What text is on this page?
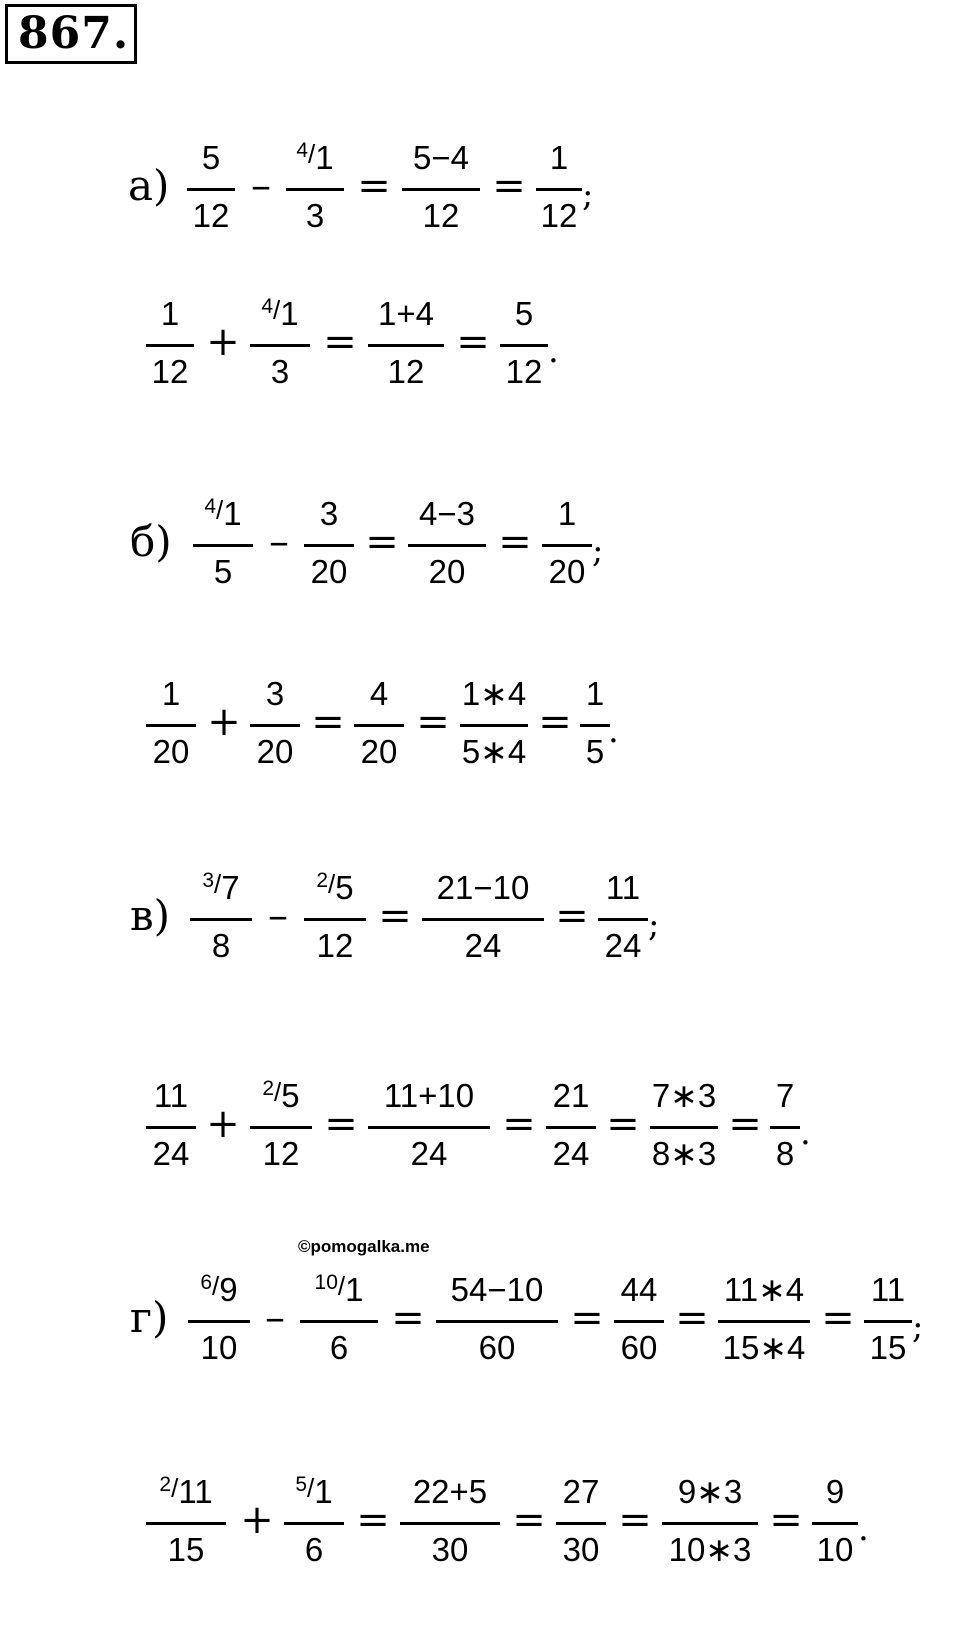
867.
а)
5
12
–
$^4$/1
3
=
5−4
12
=
1
12
;
1
12
+
$^4$/1
3
=
1+4
12
=
5
12
.
б)
$^4$/1
5
–
3
20
=
4−3
20
=
1
20
;
1
20
+
3
20
=
4
20
=
1∗4
5∗4
=
1
5
.
в)
$^3$/7
8
–
$^2$/5
12
=
21−10
24
=
11
24
;
11
24
+
$^2$/5
12
=
11+10
24
=
21
24
=
7∗3
8∗3
=
7
8
.
©pomogalka.me
г)
$^6$/9
10
–
$^{10}$/1
6
=
54−10
60
=
44
60
=
11∗4
15∗4
=
11
15
;
$^2$/11
15
+
$^5$/1
6
=
22+5
30
=
27
30
=
9∗3
10∗3
=
9
10
.
